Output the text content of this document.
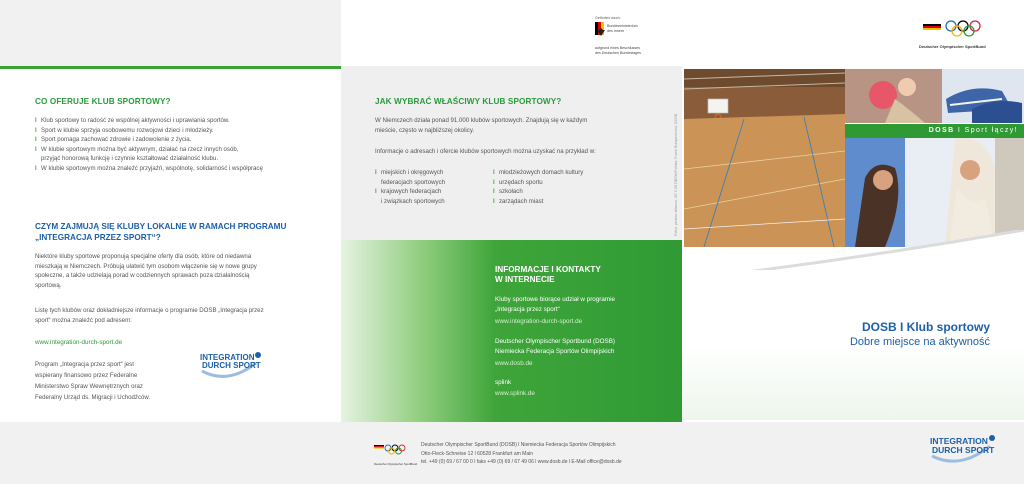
CO OFERUJE KLUB SPORTOWY?
l Klub sportowy to radość ze wspólnej aktywności i uprawiania sportów.
l Sport w klubie sprzyja osobowemu rozwojowi dzieci i młodzieży.
l Sport pomaga zachować zdrowie i zadowolenie z życia.
l W klubie sportowym można być aktywnym, działać na rzecz innych osób,
przyjąć honorową funkcję i czynnie kształtować działalność klubu.
l W klubie sportowym można znaleźć przyjaźń, wspólnotę, solidarność i współpracę
CZYM ZAJMUJĄ SIĘ KLUBY LOKALNE W RAMACH PROGRAMU
„INTEGRACJA PRZEZ SPORT“?
Niektóre kluby sportowe proponują specjalne oferty dla osób, które od niedawna
mieszkają w Niemczech. Próbują ułatwić tym osobom włączenie się w nowe grupy
społeczne, a także udzielają porad w codziennych sprawach poza działalnością
sportową.
Listę tych klubów oraz dokładniejsze informacje o programie DOSB „Integracja przez
sport“ można znaleźć pod adresem:
www.integration-durch-sport.de
Program „Integracja przez sport“ jest
wspierany finansowo przez Federalne
Ministerstwo Spraw Wewnętrznych oraz
Federalny Urząd ds. Migracji i Uchodźców.
INTEGRATION
DURCH SPORT
Gefördert durch:
Bundesministerium
des Innern
aufgrund eines Beschlusses
des Deutschen Bundestages
JAK WYBRAĆ WŁAŚCIWY KLUB SPORTOWY?
W Niemczech działa ponad 91.000 klubów sportowych. Znajdują się w każdym
mieście, często w najbliższej okolicy.
Informacje o adresach i ofercie klubów sportowych można uzyskać na przykład w:
l miejskich i okręgowych
federacjach sportowych
l krajowych federacjach
i związkach sportowych
l młodzieżowych domach kultury
l urzędach sportu
l szkołach
l zarządach miast	Fotos: picture alliance, SE 0.08 DBSW/Fotolia, Frank Rumpenhorst, DOSB
INFORMACJE I KONTAKTY
W INTERNECIE
Kluby sportowe biorące udział w programie
„Integracja przez sport“
www.integration-durch-sport.de
Deutscher Olympischer Sportbund (DOSB)
Niemiecka Federacja Sportów Olimpijskich
www.dosb.de
splink
www.splink.de
Deutscher Olympischer SportBund
Deutscher Olympischer SportBund (DOSB) l Niemiecka Federacja Sportów Olimpijskich
Otto-Fleck-Schneise 12 l 60528 Frankfurt am Main
tel. +49 (0) 69 / 67 00 0 l faks +49 (0) 69 / 67 49 06 l www.dosb.de l E-Mail office@dosb.de
Deutscher Olympischer SportBund
DOSB I Sport łączy!
DOSB I Klub sportowy
Dobre miejsce na aktywność
INTEGRATION
DURCH SPORT
